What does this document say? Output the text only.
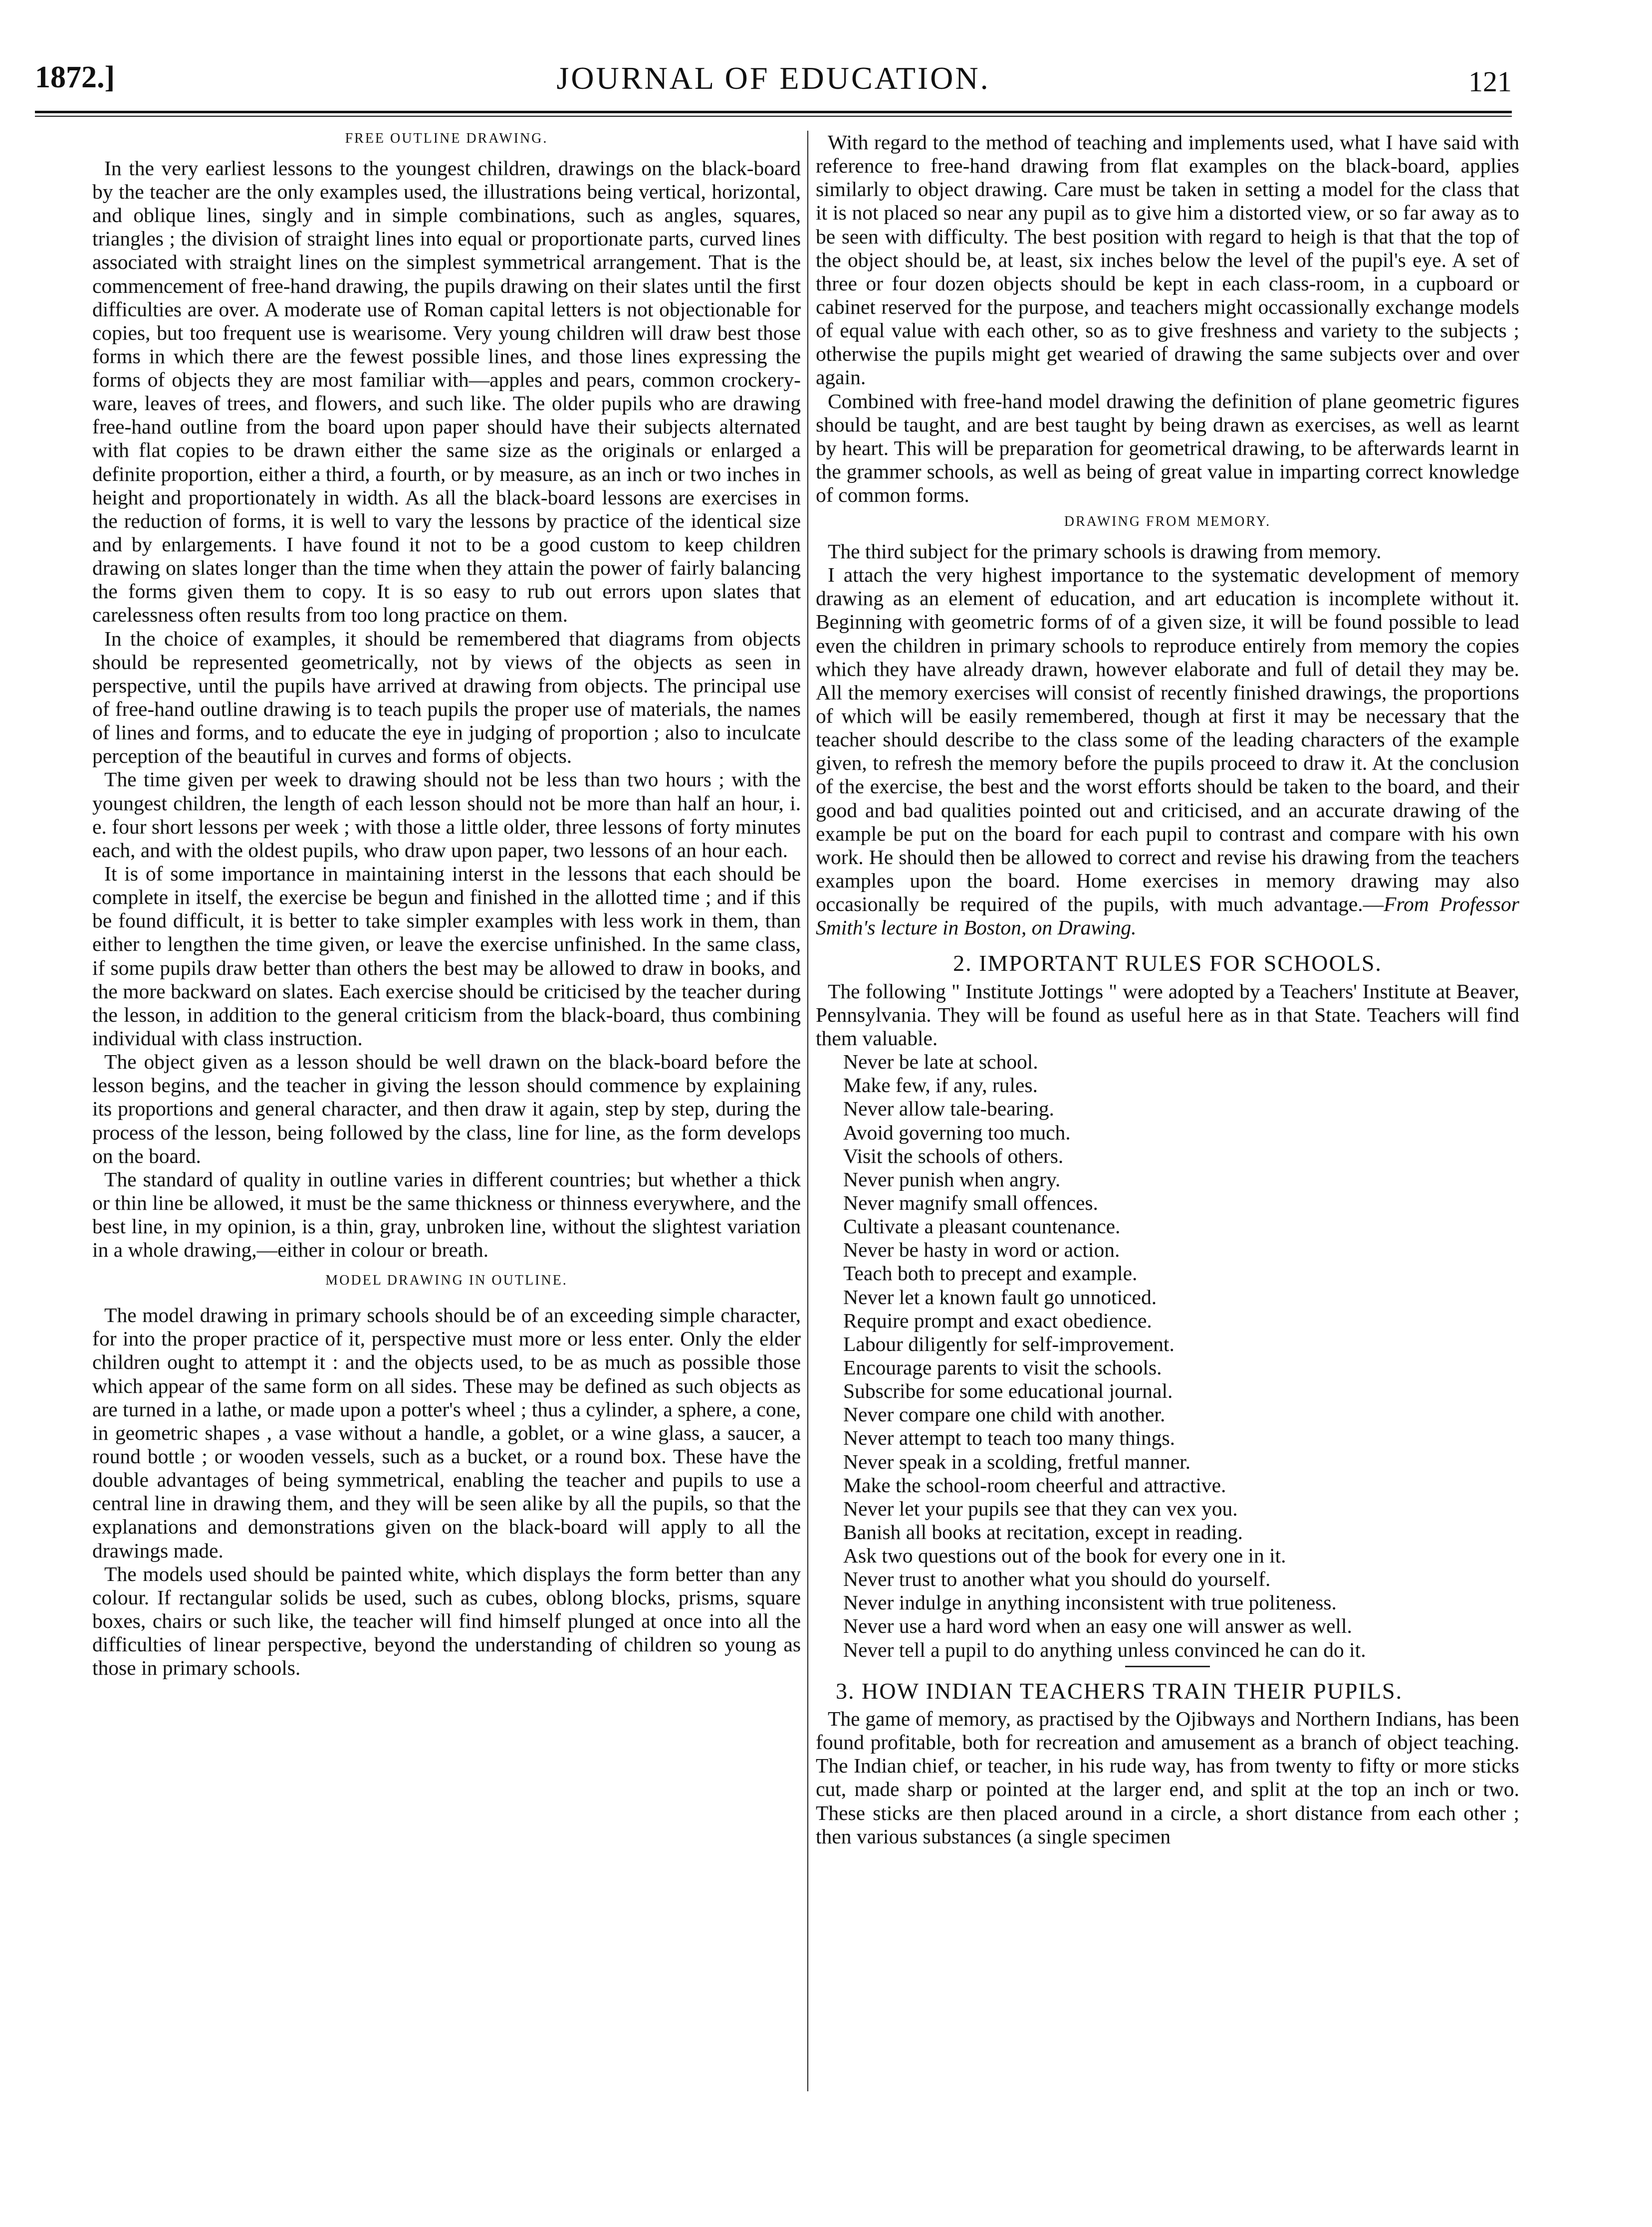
1872.]	JOURNAL OF EDUCATION.	121
FREE OUTLINE DRAWING.

In the very earliest lessons to the youngest children, drawings on the black-board by the teacher are the only examples used, the illustrations being vertical, horizontal, and oblique lines, singly and in simple combinations, such as angles, squares, triangles ; the division of straight lines into equal or proportionate parts, curved lines associated with straight lines on the simplest symmetrical arrangement. That is the commencement of free-hand drawing, the pupils drawing on their slates until the first difficulties are over. A moderate use of Roman capital letters is not objectionable for copies, but too frequent use is wearisome. Very young children will draw best those forms in which there are the fewest possible lines, and those lines expressing the forms of objects they are most familiar with—apples and pears, common crockery-ware, leaves of trees, and flowers, and such like. The older pupils who are drawing free-hand outline from the board upon paper should have their subjects alternated with flat copies to be drawn either the same size as the originals or enlarged a definite proportion, either a third, a fourth, or by measure, as an inch or two inches in height and proportionately in width. As all the black-board lessons are exercises in the reduction of forms, it is well to vary the lessons by practice of the identical size and by enlargements. I have found it not to be a good custom to keep children drawing on slates longer than the time when they attain the power of fairly balancing the forms given them to copy. It is so easy to rub out errors upon slates that carelessness often results from too long practice on them.

In the choice of examples, it should be remembered that diagrams from objects should be represented geometrically, not by views of the objects as seen in perspective, until the pupils have arrived at drawing from objects. The principal use of free-hand outline drawing is to teach pupils the proper use of materials, the names of lines and forms, and to educate the eye in judging of proportion ; also to inculcate perception of the beautiful in curves and forms of objects.

The time given per week to drawing should not be less than two hours ; with the youngest children, the length of each lesson should not be more than half an hour, i. e. four short lessons per week ; with those a little older, three lessons of forty minutes each, and with the oldest pupils, who draw upon paper, two lessons of an hour each.

It is of some importance in maintaining interst in the lessons that each should be complete in itself, the exercise be begun and finished in the allotted time ; and if this be found difficult, it is better to take simpler examples with less work in them, than either to lengthen the time given, or leave the exercise unfinished. In the same class, if some pupils draw better than others the best may be allowed to draw in books, and the more backward on slates. Each exercise should be criticised by the teacher during the lesson, in addition to the general criticism from the black-board, thus combining individual with class instruction.

The object given as a lesson should be well drawn on the black-board before the lesson begins, and the teacher in giving the lesson should commence by explaining its proportions and general character, and then draw it again, step by step, during the process of the lesson, being followed by the class, line for line, as the form develops on the board.

The standard of quality in outline varies in different countries; but whether a thick or thin line be allowed, it must be the same thickness or thinness everywhere, and the best line, in my opinion, is a thin, gray, unbroken line, without the slightest variation in a whole drawing,—either in colour or breath.

MODEL DRAWING IN OUTLINE.

The model drawing in primary schools should be of an exceeding simple character, for into the proper practice of it, perspective must more or less enter. Only the elder children ought to attempt it : and the objects used, to be as much as possible those which appear of the same form on all sides. These may be defined as such objects as are turned in a lathe, or made upon a potter's wheel ; thus a cylinder, a sphere, a cone, in geometric shapes , a vase without a handle, a goblet, or a wine glass, a saucer, a round bottle ; or wooden vessels, such as a bucket, or a round box. These have the double advantages of being symmetrical, enabling the teacher and pupils to use a central line in drawing them, and they will be seen alike by all the pupils, so that the explanations and demonstrations given on the black-board will apply to all the drawings made.

The models used should be painted white, which displays the form better than any colour. If rectangular solids be used, such as cubes, oblong blocks, prisms, square boxes, chairs or such like, the teacher will find himself plunged at once into all the difficulties of linear perspective, beyond the understanding of children so young as those in primary schools.

With regard to the method of teaching and implements used, what I have said with reference to free-hand drawing from flat examples on the black-board, applies similarly to object drawing. Care must be taken in setting a model for the class that it is not placed so near any pupil as to give him a distorted view, or so far away as to be seen with difficulty. The best position with regard to heigh is that that the top of the object should be, at least, six inches below the level of the pupil's eye. A set of three or four dozen objects should be kept in each class-room, in a cupboard or cabinet reserved for the purpose, and teachers might occassionally exchange models of equal value with each other, so as to give freshness and variety to the subjects ; otherwise the pupils might get wearied of drawing the same subjects over and over again.

Combined with free-hand model drawing the definition of plane geometric figures should be taught, and are best taught by being drawn as exercises, as well as learnt by heart. This will be preparation for geometrical drawing, to be afterwards learnt in the grammer schools, as well as being of great value in imparting correct knowledge of common forms.

DRAWING FROM MEMORY.

The third subject for the primary schools is drawing from memory.

I attach the very highest importance to the systematic development of memory drawing as an element of education, and art education is incomplete without it. Beginning with geometric forms of of a given size, it will be found possible to lead even the children in primary schools to reproduce entirely from memory the copies which they have already drawn, however elaborate and full of detail they may be. All the memory exercises will consist of recently finished drawings, the proportions of which will be easily remembered, though at first it may be necessary that the teacher should describe to the class some of the leading characters of the example given, to refresh the memory before the pupils proceed to draw it. At the conclusion of the exercise, the best and the worst efforts should be taken to the board, and their good and bad qualities pointed out and criticised, and an accurate drawing of the example be put on the board for each pupil to contrast and compare with his own work. He should then be allowed to correct and revise his drawing from the teachers examples upon the board. Home exercises in memory drawing may also occasionally be required of the pupils, with much advantage.—From Professor Smith's lecture in Boston, on Drawing.

2. IMPORTANT RULES FOR SCHOOLS.

The following " Institute Jottings " were adopted by a Teachers' Institute at Beaver, Pennsylvania. They will be found as useful here as in that State. Teachers will find them valuable.

Never be late at school.
Make few, if any, rules.
Never allow tale-bearing.
Avoid governing too much.
Visit the schools of others.
Never punish when angry.
Never magnify small offences.
Cultivate a pleasant countenance.
Never be hasty in word or action.
Teach both to precept and example.
Never let a known fault go unnoticed.
Require prompt and exact obedience.
Labour diligently for self-improvement.
Encourage parents to visit the schools.
Subscribe for some educational journal.
Never compare one child with another.
Never attempt to teach too many things.
Never speak in a scolding, fretful manner.
Make the school-room cheerful and attractive.
Never let your pupils see that they can vex you.
Banish all books at recitation, except in reading.
Ask two questions out of the book for every one in it.
Never trust to another what you should do yourself.
Never indulge in anything inconsistent with true politeness.
Never use a hard word when an easy one will answer as well.
Never tell a pupil to do anything unless convinced he can do it.
3. HOW INDIAN TEACHERS TRAIN THEIR PUPILS.

The game of memory, as practised by the Ojibways and Northern Indians, has been found profitable, both for recreation and amusement as a branch of object teaching. The Indian chief, or teacher, in his rude way, has from twenty to fifty or more sticks cut, made sharp or pointed at the larger end, and split at the top an inch or two. These sticks are then placed around in a circle, a short distance from each other ; then various substances (a single specimen
